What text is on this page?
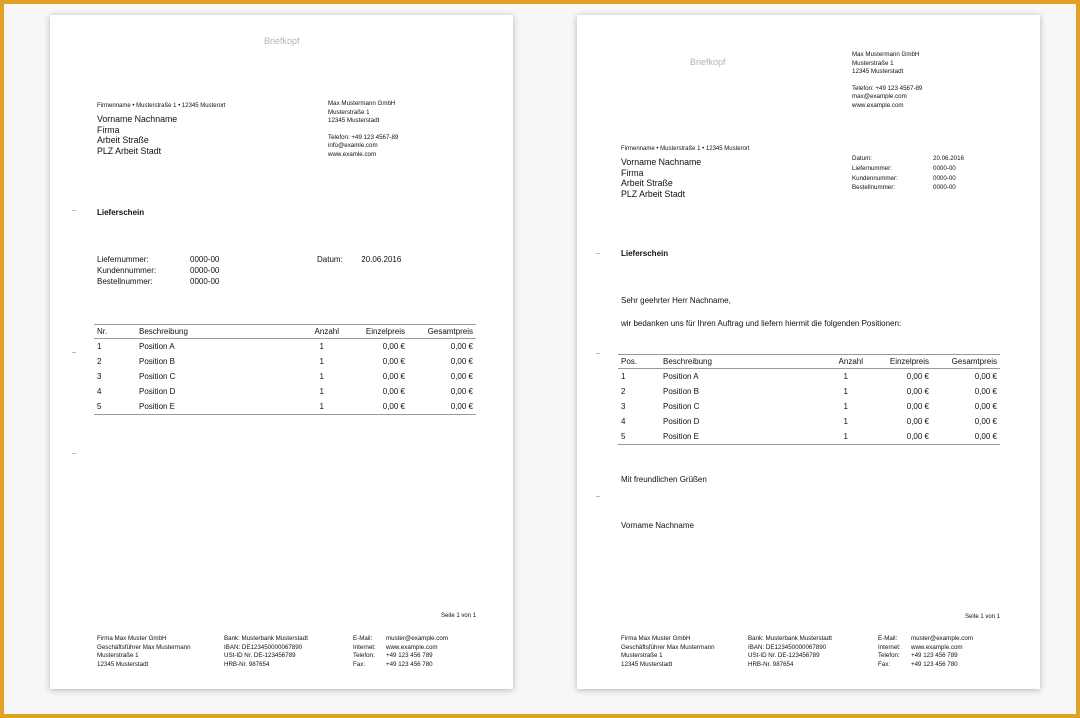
Briefkopf
Firmenname • Musterstraße 1 • 12345 Musterort
Vorname Nachname
Firma
Arbeit Straße
PLZ Arbeit Stadt
Max Mustermann GmbH
Musterstraße 1
12345 Musterstadt
Telefon: +49 123 4567-89
info@examle.com
www.examle.com
Lieferschein
Liefernummer:	0000-00
Kundennummer:	0000-00
Bestellnummer:	0000-00
Datum: 20.06.2016
Nr.	Beschreibung	Anzahl	Einzelpreis	Gesamtpreis
1	Position A	1	0,00 €	0,00 €
2	Position B	1	0,00 €	0,00 €
3	Position C	1	0,00 €	0,00 €
4	Position D	1	0,00 €	0,00 €
5	Position E	1	0,00 €	0,00 €
Seite 1 von 1
Firma Max Muster GmbH
Geschäftsführer Max Mustermann
Musterstraße 1
12345 Musterstadt
Bank: Musterbank Musterstadt
IBAN: DE123450000067890
USt-ID Nr. DE-123456789
HRB-Nr. 987654
E-Mail:	muster@example.com
Internet:	www.example.com
Telefon:	+49 123 456 789
Fax:	+49 123 456 780
Briefkopf
Max Mustermann GmbH
Musterstraße 1
12345 Musterstadt
Telefon: +49 123 4567-89
max@example.com
www.example.com
Firmenname • Musterstraße 1 • 12345 Musterort
Vorname Nachname
Firma
Arbeit Straße
PLZ Arbeit Stadt
Datum:	20.06.2016
Liefernummer:	0000-00
Kundennummer:	0000-00
Bestellnummer:	0000-00
Lieferschein
Sehr geehrter Herr Nachname,
wir bedanken uns für Ihren Auftrag und liefern hiermit die folgenden Positionen:
Pos.	Beschreibung	Anzahl	Einzelpreis	Gesamtpreis
1	Position A	1	0,00 €	0,00 €
2	Position B	1	0,00 €	0,00 €
3	Position C	1	0,00 €	0,00 €
4	Position D	1	0,00 €	0,00 €
5	Position E	1	0,00 €	0,00 €
Mit freundlichen Grüßen
Vorname Nachname
Seite 1 von 1
Firma Max Muster GmbH
Geschäftsführer Max Mustermann
Musterstraße 1
12345 Musterstadt
Bank: Musterbank Musterstadt
IBAN: DE123450000067890
USt-ID Nr. DE-123456789
HRB-Nr. 987654
E-Mail:	muster@example.com
Internet:	www.example.com
Telefon:	+49 123 456 789
Fax:	+49 123 456 780
